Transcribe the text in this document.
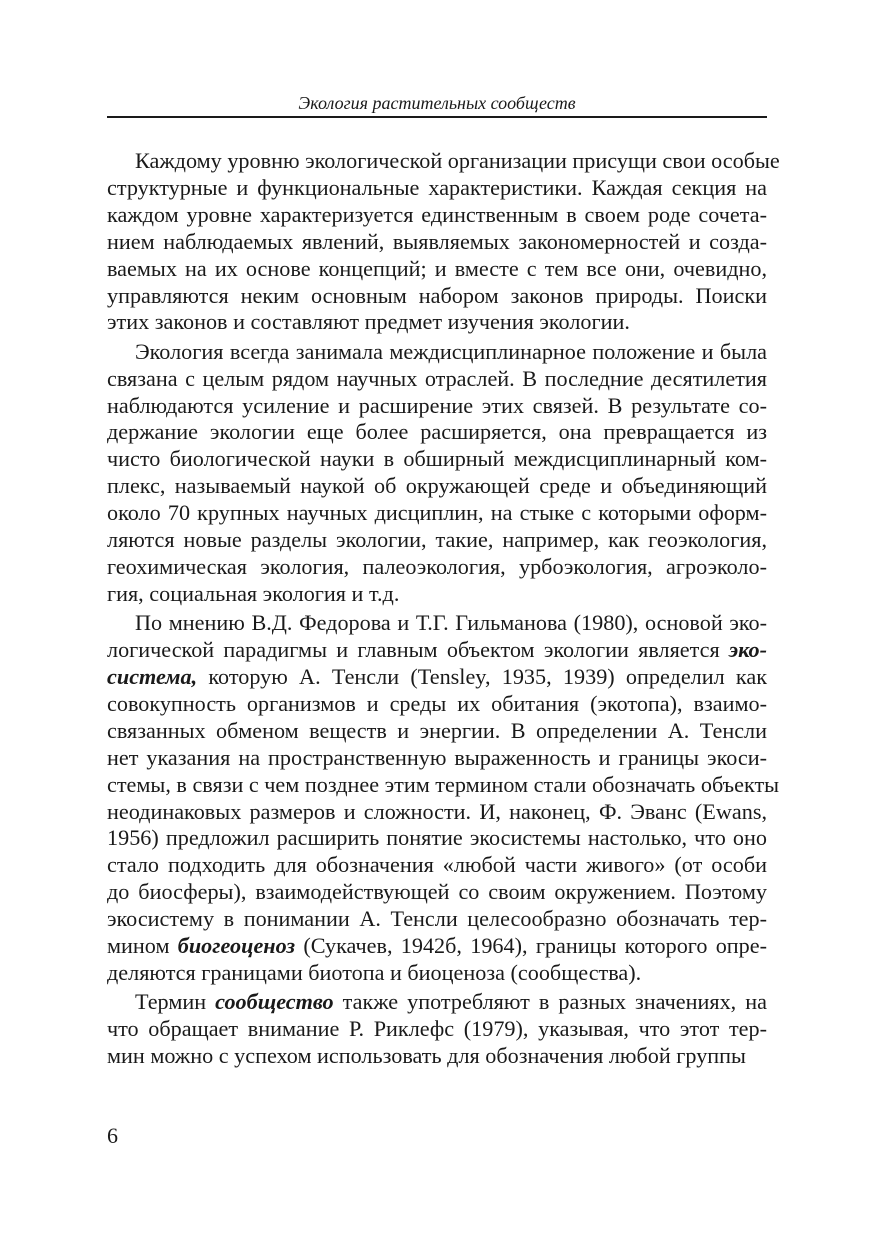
Экология растительных сообществ
Каждому уровню экологической организации присущи свои особые
структурные и функциональные характеристики. Каждая секция на
каждом уровне характеризуется единственным в своем роде сочета-
нием наблюдаемых явлений, выявляемых закономерностей и созда-
ваемых на их основе концепций; и вместе с тем все они, очевидно,
управляются неким основным набором законов природы. Поиски
этих законов и составляют предмет изучения экологии.
Экология всегда занимала междисциплинарное положение и была
связана с целым рядом научных отраслей. В последние десятилетия
наблюдаются усиление и расширение этих связей. В результате со-
держание экологии еще более расширяется, она превращается из
чисто биологической науки в обширный междисциплинарный ком-
плекс, называемый наукой об окружающей среде и объединяющий
около 70 крупных научных дисциплин, на стыке с которыми оформ-
ляются новые разделы экологии, такие, например, как геоэкология,
геохимическая экология, палеоэкология, урбоэкология, агроэколо-
гия, социальная экология и т.д.
По мнению В.Д. Федорова и Т.Г. Гильманова (1980), основой эко-
логической парадигмы и главным объектом экологии является эко-
система, которую А. Тенсли (Tensley, 1935, 1939) определил как
совокупность организмов и среды их обитания (экотопа), взаимо-
связанных обменом веществ и энергии. В определении А. Тенсли
нет указания на пространственную выраженность и границы экоси-
стемы, в связи с чем позднее этим термином стали обозначать объекты
неодинаковых размеров и сложности. И, наконец, Ф. Эванс (Ewans,
1956) предложил расширить понятие экосистемы настолько, что оно
стало подходить для обозначения «любой части живого» (от особи
до биосферы), взаимодействующей со своим окружением. Поэтому
экосистему в понимании А. Тенсли целесообразно обозначать тер-
мином биогеоценоз (Сукачев, 1942б, 1964), границы которого опре-
деляются границами биотопа и биоценоза (сообщества).
Термин сообщество также употребляют в разных значениях, на
что обращает внимание Р. Риклефс (1979), указывая, что этот тер-
мин можно с успехом использовать для обозначения любой группы
6
